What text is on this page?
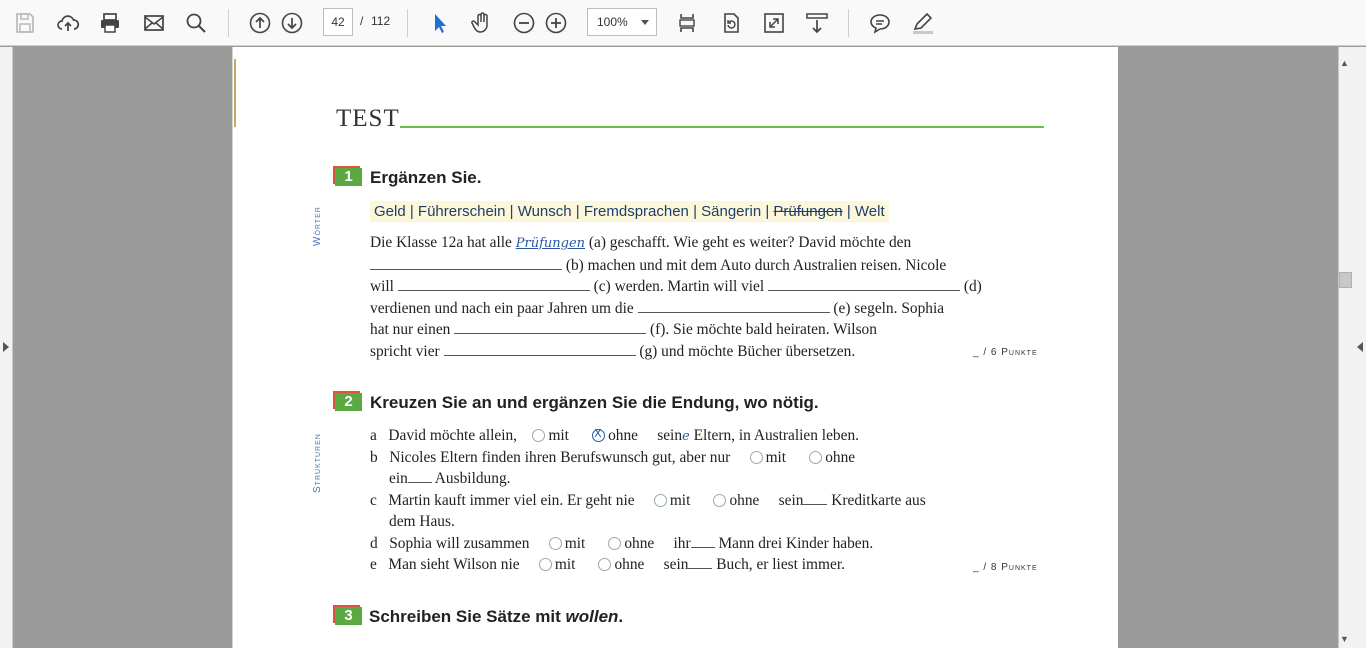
42	/ 112	100%
▲
▼
TEST
1	Ergänzen Sie.
Wörter	Geld | Führerschein | Wunsch | Fremdsprachen | Sängerin | Prüfungen | Welt
Die Klasse 12a hat alle Prüfungen (a) geschafft. Wie geht es weiter? David möchte den
(b) machen und mit dem Auto durch Australien reisen. Nicole
will	(c) werden. Martin will viel	(d)
verdienen und nach ein paar Jahren um die	(e) segeln. Sophia
hat nur einen	(f). Sie möchte bald heiraten. Wilson
spricht vier	(g) und möchte Bücher übersetzen.	_ / 6 Punkte
2	Kreuzen Sie an und ergänzen Sie die Endung, wo nötig.
Strukturen	a David möchte allein, mit      X	ohne seine Eltern, in Australien leben.
b Nicoles Eltern finden ihren Berufswunsch gut, aber nur mit	ohne
ein Ausbildung.
c Martin kauft immer viel ein. Er geht nie mit	ohne sein Kreditkarte aus
dem Haus.
d Sophia will zusammen mit	ohne ihr Mann drei Kinder haben.
e Man sieht Wilson nie mit	ohne sein Buch, er liest immer.	_ / 8 Punkte
3 Schreiben Sie Sätze mit wollen.
